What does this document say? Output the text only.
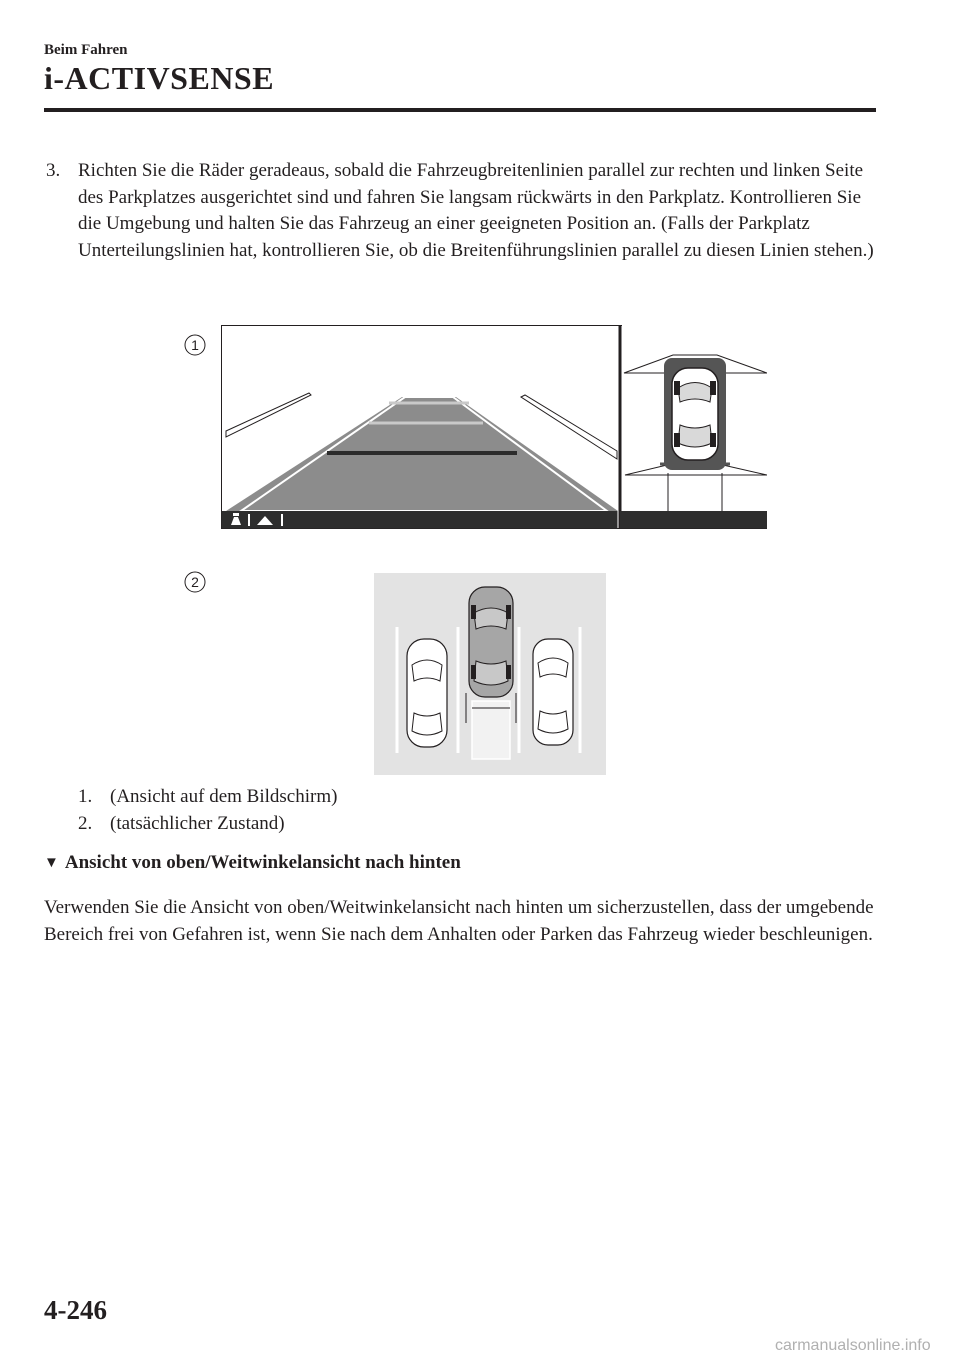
Beim Fahren
i-ACTIVSENSE
3. Richten Sie die Räder geradeaus, sobald die Fahrzeugbreitenlinien parallel zur rechten und linken Seite des Parkplatzes ausgerichtet sind und fahren Sie langsam rückwärts in den Parkplatz. Kontrollieren Sie die Umgebung und halten Sie das Fahrzeug an einer geeigneten Position an. (Falls der Parkplatz Unterteilungslinien hat, kontrollieren Sie, ob die Breitenführungslinien parallel zu diesen Linien stehen.)
1
2
1. (Ansicht auf dem Bildschirm)
2. (tatsächlicher Zustand)
▼ Ansicht von oben/Weitwinkelansicht nach hinten
Verwenden Sie die Ansicht von oben/Weitwinkelansicht nach hinten um sicherzustellen, dass der umgebende Bereich frei von Gefahren ist, wenn Sie nach dem Anhalten oder Parken das Fahrzeug wieder beschleunigen.
4-246
carmanualsonline.info
